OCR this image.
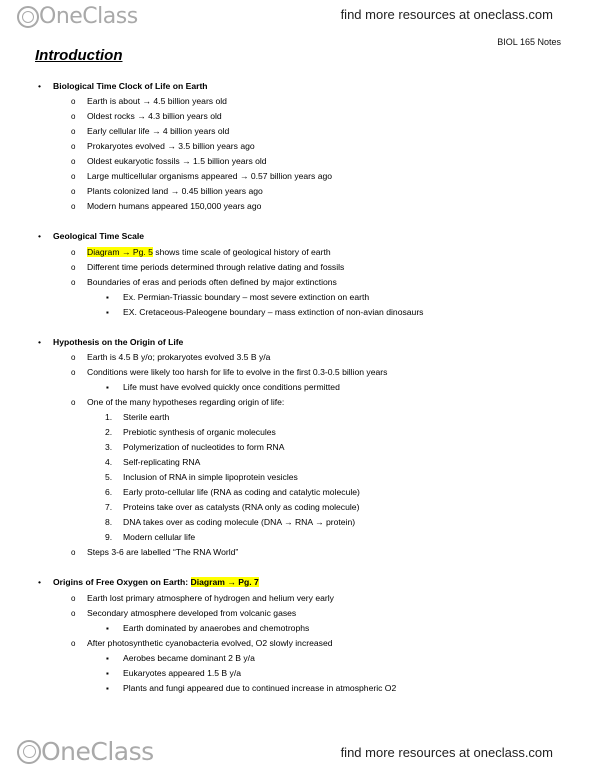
OneClass	find more resources at oneclass.com
BIOL 165 Notes
Introduction
• Biological Time Clock of Life on Earth
o Earth is about → 4.5 billion years old
o Oldest rocks → 4.3 billion years old
o Early cellular life → 4 billion years old
o Prokaryotes evolved → 3.5 billion years ago
o Oldest eukaryotic fossils → 1.5 billion years old
o Large multicellular organisms appeared → 0.57 billion years ago
o Plants colonized land → 0.45 billion years ago
o Modern humans appeared 150,000 years ago
• Geological Time Scale
o Diagram → Pg. 5 shows time scale of geological history of earth
o Different time periods determined through relative dating and fossils
o Boundaries of eras and periods often defined by major extinctions
▪ Ex. Permian-Triassic boundary – most severe extinction on earth
▪ EX. Cretaceous-Paleogene boundary – mass extinction of non-avian dinosaurs
• Hypothesis on the Origin of Life
o Earth is 4.5 B y/o; prokaryotes evolved 3.5 B y/a
o Conditions were likely too harsh for life to evolve in the first 0.3-0.5 billion years
▪ Life must have evolved quickly once conditions permitted
o One of the many hypotheses regarding origin of life:
1. Sterile earth
2. Prebiotic synthesis of organic molecules
3. Polymerization of nucleotides to form RNA
4. Self-replicating RNA
5. Inclusion of RNA in simple lipoprotein vesicles
6. Early proto-cellular life (RNA as coding and catalytic molecule)
7. Proteins take over as catalysts (RNA only as coding molecule)
8. DNA takes over as coding molecule (DNA → RNA → protein)
9. Modern cellular life
o Steps 3-6 are labelled “The RNA World”
• Origins of Free Oxygen on Earth: Diagram → Pg. 7
o Earth lost primary atmosphere of hydrogen and helium very early
o Secondary atmosphere developed from volcanic gases
▪ Earth dominated by anaerobes and chemotrophs
o After photosynthetic cyanobacteria evolved, O2 slowly increased
▪ Aerobes became dominant 2 B y/a
▪ Eukaryotes appeared 1.5 B y/a
▪ Plants and fungi appeared due to continued increase in atmospheric O2
OneClass	find more resources at oneclass.com
